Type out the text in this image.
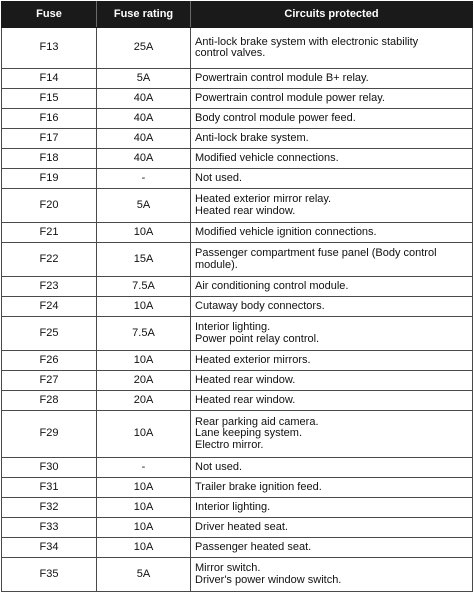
Fuse	Fuse rating	Circuits protected
F13	25A	Anti-lock brake system with electronic stability
control valves.

F14	5A	Powertrain control module B+ relay.

F15	40A	Powertrain control module power relay.

F16	40A	Body control module power feed.

F17	40A	Anti-lock brake system.

F18	40A	Modified vehicle connections.

F19	-	Not used.

F20	5A	Heated exterior mirror relay.
Heated rear window.

F21	10A	Modified vehicle ignition connections.

F22	15A	Passenger compartment fuse panel (Body control
module).

F23	7.5A	Air conditioning control module.

F24	10A	Cutaway body connectors.

F25	7.5A	Interior lighting.
Power point relay control.

F26	10A	Heated exterior mirrors.

F27	20A	Heated rear window.

F28	20A	Heated rear window.

F29	10A	Rear parking aid camera.
Lane keeping system.
Electro mirror.

F30	-	Not used.

F31	10A	Trailer brake ignition feed.

F32	10A	Interior lighting.

F33	10A	Driver heated seat.

F34	10A	Passenger heated seat.

F35	5A	Mirror switch.
Driver's power window switch.
